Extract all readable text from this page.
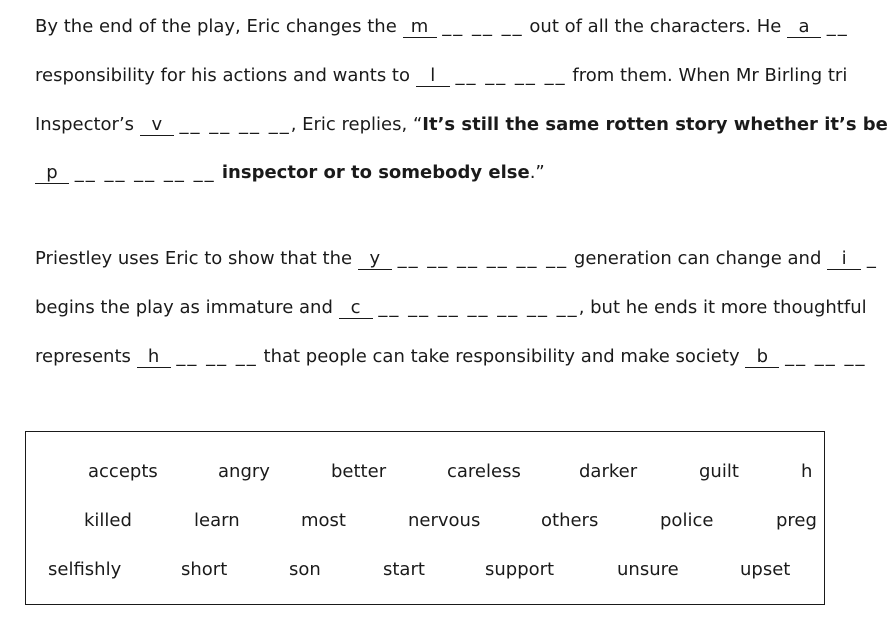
By the end of the play, Eric changes the m __ __ __ out of all the characters. He a __
responsibility for his actions and wants to l __ __ __ __ from them. When Mr Birling tri
Inspector’s v __ __ __ __, Eric replies, “It’s still the same rotten story whether it’s be
p __ __ __ __ __ inspector or to somebody else.”
Priestley uses Eric to show that the y __ __ __ __ __ __ generation can change and i _
begins the play as immature and c __ __ __ __ __ __ __, but he ends it more thoughtful
represents h __ __ __ that people can take responsibility and make society b __ __ __
accepts	angry	better	careless	darker	guilt	h
killed	learn	most	nervous	others	police	preg
selfishly	short	son	start	support	unsure	upset
